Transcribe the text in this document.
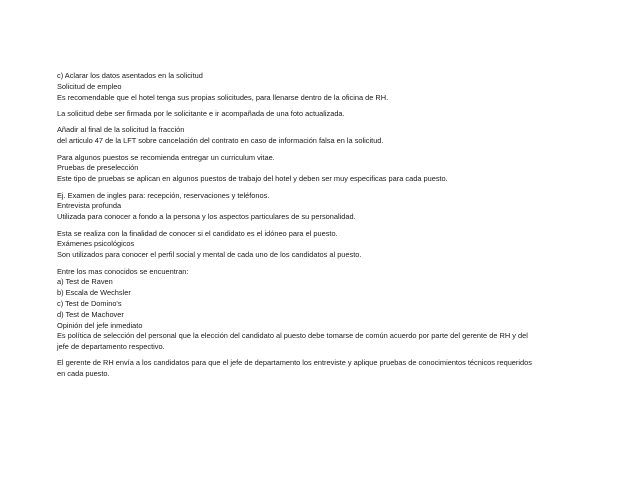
c) Aclarar los datos asentados en la solicitud
Solicitud de empleo
Es recomendable que el hotel tenga sus propias solicitudes, para llenarse dentro de la oficina de RH.
La solicitud debe ser firmada por le solicitante e ir acompañada de una foto actualizada.
Añadir al final de la solicitud la fracción
del articulo 47 de la LFT sobre cancelación del contrato en caso de información falsa en la solicitud.
Para algunos puestos se recomienda entregar un curriculum vitae.
Pruebas de preselección
Este tipo de pruebas se aplican en algunos puestos de trabajo del hotel y deben ser muy especificas para cada puesto.
Ej. Examen de ingles para: recepción, reservaciones y teléfonos.
Entrevista profunda
Utilizada para conocer a fondo a la persona y los aspectos particulares de su personalidad.
Esta se realiza con la finalidad de conocer si el candidato es el idóneo para el puesto.
Exámenes psicológicos
Son utilizados para conocer el perfil social y mental de cada uno de los candidatos al puesto.
Entre los mas conocidos se encuentran:
a) Test de Raven
b) Escala de Wechsler
c) Test de Domino's
d) Test de Machover
Opinión del jefe inmediato
Es política de selección del personal que la elección del candidato al puesto debe tomarse de común acuerdo por parte del gerente de RH y del
jefe de departamento respectivo.
El gerente de RH envía a los candidatos para que el jefe de departamento los entreviste y aplique pruebas de conocimientos técnicos requeridos
en cada puesto.
